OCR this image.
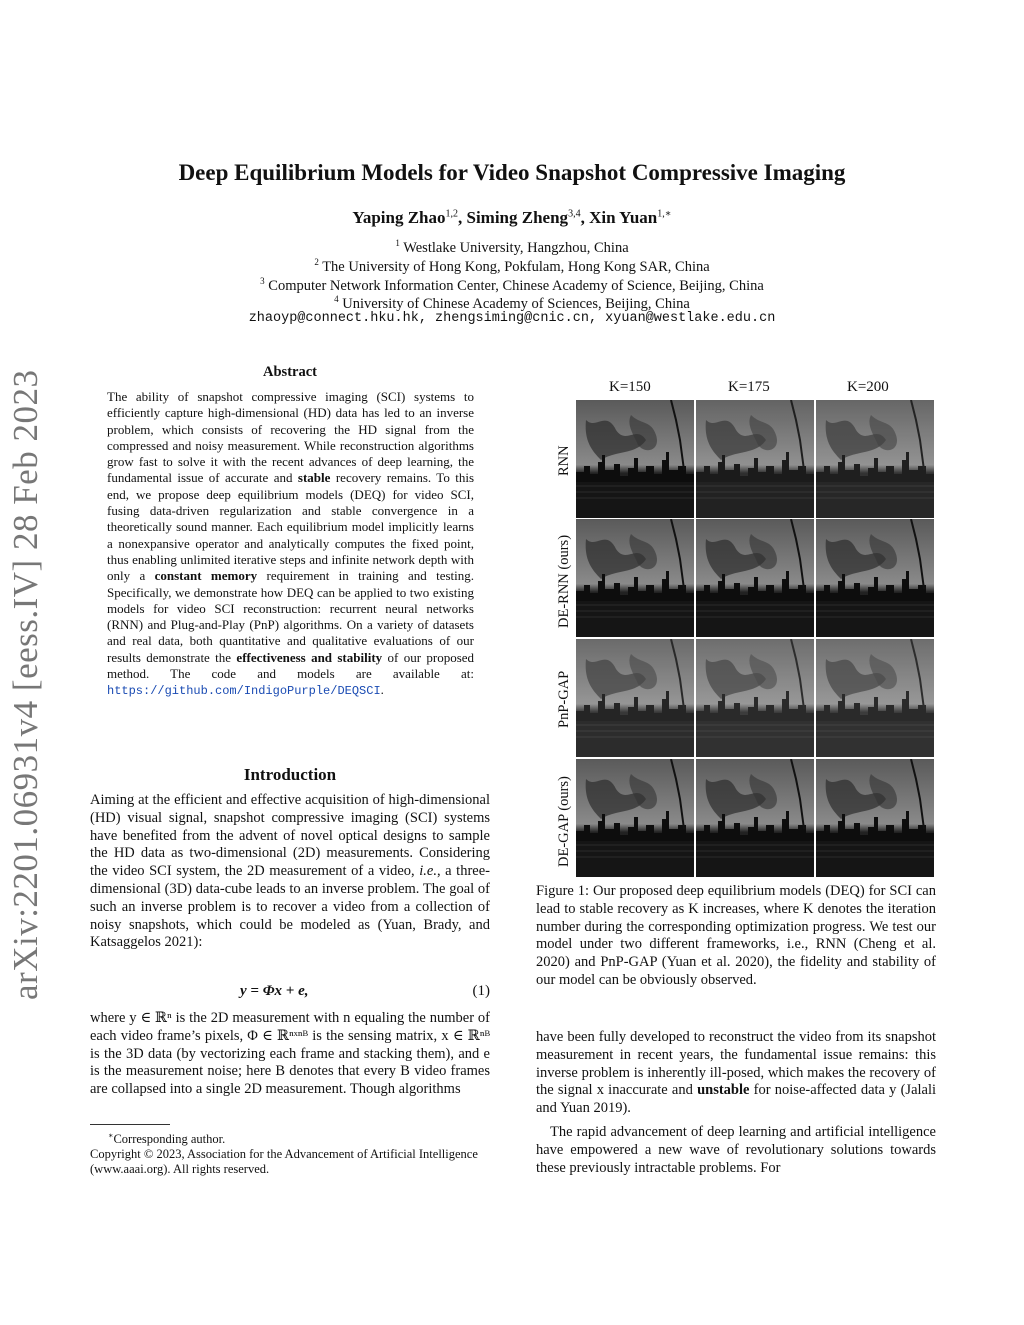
Deep Equilibrium Models for Video Snapshot Compressive Imaging
Yaping Zhao$^{1,2}$, Siming Zheng$^{3,4}$, Xin Yuan$^{1,∗}$
$^1$ Westlake University, Hangzhou, China
$^2$ The University of Hong Kong, Pokfulam, Hong Kong SAR, China
$^3$ Computer Network Information Center, Chinese Academy of Science, Beijing, China
$^4$ University of Chinese Academy of Sciences, Beijing, China
zhaoyp@connect.hku.hk, zhengsiming@cnic.cn, xyuan@westlake.edu.cn
arXiv:2201.06931v4 [eess.IV] 28 Feb 2023	Abstract
The ability of snapshot compressive imaging (SCI) systems to efficiently capture high-dimensional (HD) data has led to an inverse problem, which consists of recovering the HD signal from the compressed and noisy measurement. While reconstruction algorithms grow fast to solve it with the recent advances of deep learning, the fundamental issue of accurate and stable recovery remains. To this end, we propose deep equilibrium models (DEQ) for video SCI, fusing data-driven regularization and stable convergence in a theoretically sound manner. Each equilibrium model implicitly learns a nonexpansive operator and analytically computes the fixed point, thus enabling unlimited iterative steps and infinite network depth with only a constant memory requirement in training and testing. Specifically, we demonstrate how DEQ can be applied to two existing models for video SCI reconstruction: recurrent neural networks (RNN) and Plug-and-Play (PnP) algorithms. On a variety of datasets and real data, both quantitative and qualitative evaluations of our results demonstrate the effectiveness and stability of our proposed method. The code and models are available at: https://github.com/IndigoPurple/DEQSCI.
Introduction
Aiming at the efficient and effective acquisition of high-dimensional (HD) visual signal, snapshot compressive imaging (SCI) systems have benefited from the advent of novel optical designs to sample the HD data as two-dimensional (2D) measurements. Considering the video SCI system, the 2D measurement of a video, i.e., a three-dimensional (3D) data-cube leads to an inverse problem. The goal of such an inverse problem is to recover a video from a collection of noisy snapshots, which could be modeled as (Yuan, Brady, and Katsaggelos 2021):
y = Φx + e,	(1)
where y ∈ ℝⁿ is the 2D measurement with n equaling the number of each video frame’s pixels, Φ ∈ ℝⁿˣⁿᴮ is the sensing matrix, x ∈ ℝⁿᴮ is the 3D data (by vectorizing each frame and stacking them), and e is the measurement noise; here B denotes that every B video frames are collapsed into a single 2D measurement. Though algorithms
∗Corresponding author.
Copyright © 2023, Association for the Advancement of Artificial Intelligence (www.aaai.org). All rights reserved.
K=150	K=175	K=200
RNN
DE-RNN (ours)
PnP-GAP
DE-GAP (ours)
Figure 1: Our proposed deep equilibrium models (DEQ) for SCI can lead to stable recovery as K increases, where K denotes the iteration number during the corresponding optimization progress. We test our model under two different frameworks, i.e., RNN (Cheng et al. 2020) and PnP-GAP (Yuan et al. 2020), the fidelity and stability of our model can be obviously observed.
have been fully developed to reconstruct the video from its snapshot measurement in recent years, the fundamental issue remains: this inverse problem is inherently ill-posed, which makes the recovery of the signal x inaccurate and unstable for noise-affected data y (Jalali and Yuan 2019).
The rapid advancement of deep learning and artificial intelligence have empowered a new wave of revolutionary solutions towards these previously intractable problems. For
